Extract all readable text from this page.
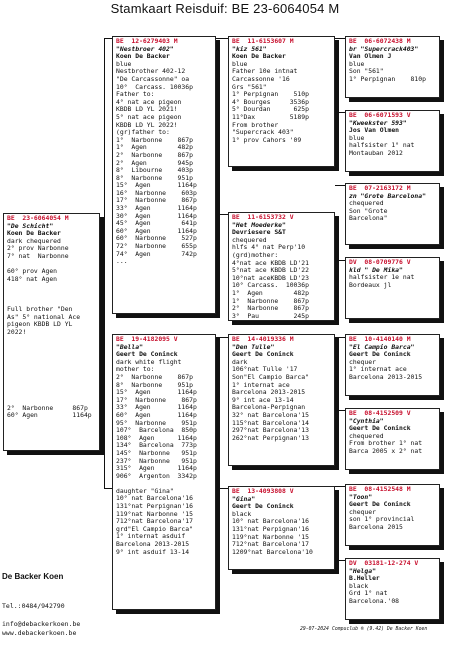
Stamkaart Reisduif: BE 23-6064054 M
BE  23-6064054 M
"De Schicht"
Koen De Backer
dark chequered
2° prov Narbonne
7° nat  Narbonne
60° prov Agen
418° nat Agen
Full brother "Den
As" 5° national Ace
pigeon KBDB LD YL
2022!
2°  Narbonne     867p
60° Agen         1164p
BE  12-6279403 M
"Nestbroer 402"
Koen De Backer
blue
Nestbrother 402-12
"De Carcassonne" oa
10°  Carcass. 10036p
Father to:
4° nat ace pigeon
KBDB LD YL 2021!
5° nat ace pigeon
KBDB LD YL 2022!
(gr)father to:
1°  Narbonne    867p
1°  Agen        482p
2°  Narbonne    867p
2°  Agen        945p
8°  Libourne    403p
8°  Narbonne    951p
15°  Agen       1164p
16°  Narbonne    603p
17°  Narbonne    867p
33°  Agen       1164p
30°  Agen       1164p
45°  Agen        641p
60°  Agen       1164p
60°  Narbonne    527p
72°  Narbonne    655p
74°  Agen        742p
...
BE  19-4182095 V
"Bella"
Geert De Coninck
dark white flight
mother to:
2°  Narbonne    867p
8°  Narbonne    951p
15°  Agen       1164p
17°  Narbonne    867p
33°  Agen       1164p
60°  Agen       1164p
95°  Narbonne    951p
107°  Barcelona  850p
108°  Agen      1164p
134°  Barcelona  773p
145°  Narbonne   951p
237°  Narbonne   951p
315°  Agen      1164p
906°  Argenton  3342p
daughter "Gina"
10° nat Barcelona'16
131°nat Perpignan'16
119°nat Narbonne '15
712°nat Barcelona'17
grd"El Campio Barca"
1° internat asduif
Barcelona 2013-2015
9° int asduif 13-14
BE  11-6153607 M
"kiz 561"
Koen De Backer
blue
Father 10e intnat
Carcassonne '16
Grs "561"
1° Perpignan    510p
4° Bourges     3536p
5° Dourdan      625p
11°Dax         5189p
From brother
"Supercrack 403"
1° prov Cahors '09
BE  11-6153732 V
"Het Moederke"
Devriesere S&T
chequered
hlfs 4° nat Perp'10
(grd)mother:
4°nat ace KBDB LD'21
5°nat ace KBDB LD'22
10°nat aceKBDB LD'23
10° Carcass.  10036p
1°  Agen        482p
1°  Narbonne    867p
2°  Narbonne    867p
3°  Pau         245p
BE  14-4019336 M
"Den Tulle"
Geert De Coninck
dark
106°nat Tulle '17
Son"El Campio Barca"
1° internat ace
Barcelona 2013-2015
9° int ace 13-14
Barcelona-Perpignan
32° nat Barcelona'15
115°nat Barcelona'14
297°nat Barcelona'13
262°nat Perpignan'13
BE  13-4093808 V
"Gina"
Geert De Coninck
black
10° nat Barcelona'16
131°nat Perpignan'16
119°nat Narbonne '15
712°nat Barcelona'17
1209°nat Barcelona'10
BE  06-6072438 M
br "Supercrack403"
Van Olmen J
blue
Son "561"
1° Perpignan    810p
BE  06-6071593 V
"Kweekster 593"
Jos Van Olmen
blue
halfsister 1° nat
Montauban 2012
BE  07-2163172 M
zn "Grote Barcelona"
chequered
Son "Grote
Barcelona"
DV  08-0709776 V
kld " De Mika"
halfsister 1e nat
Bordeaux jl
BE  10-4140140 M
"El Campio Barca"
Geert De Coninck
chequer
1° internat ace
Barcelona 2013-2015
BE  08-4152509 V
"Cynthia"
Geert De Coninck
chequered
From brother 1° nat
Barca 2005 x 2° nat
BE  08-4152548 M
"Toon"
Geert De Coninck
chequer
son 1° provincial
Barcelona 2015
DV  03181-12-274 V
"Helga"
B.Heller
black
Grd 1° nat
Barcelona.'08
De Backer Koen
Tel.:0484/942790
info@debackerkoen.be
www.debackerkoen.be	29-07-2024 Compuclub ® (9.42) De Backer Koen
